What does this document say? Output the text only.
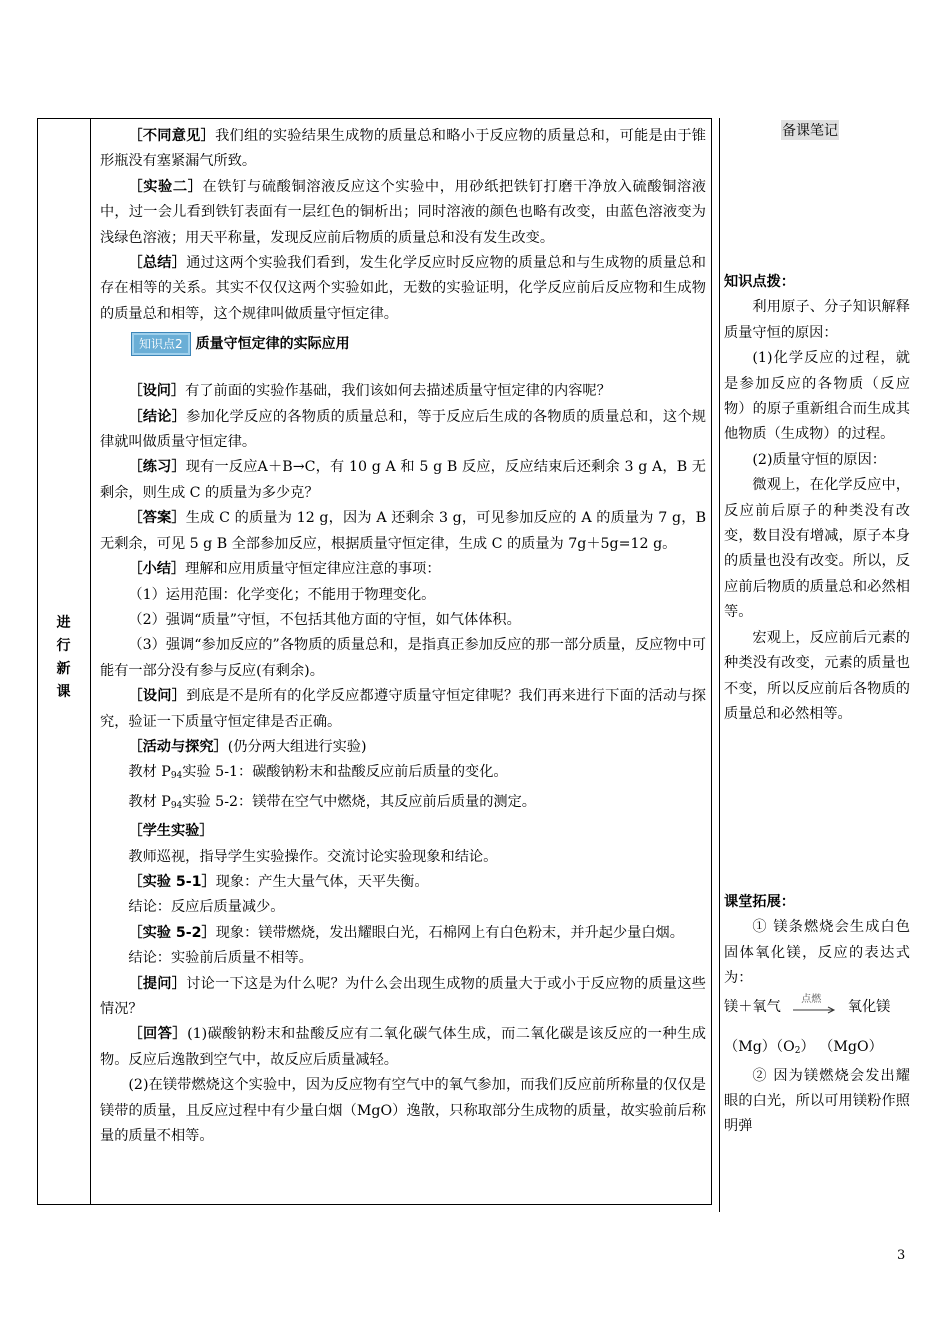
进
行
新
课

［不同意见］我们组的实验结果生成物的质量总和略小于反应物的质量总和，可能是由于锥形瓶没有塞紧漏气所致。

［实验二］在铁钉与硫酸铜溶液反应这个实验中，用砂纸把铁钉打磨干净放入硫酸铜溶液中，过一会儿看到铁钉表面有一层红色的铜析出；同时溶液的颜色也略有改变，由蓝色溶液变为浅绿色溶液；用天平称量，发现反应前后物质的质量总和没有发生改变。

［总结］通过这两个实验我们看到，发生化学反应时反应物的质量总和与生成物的质量总和存在相等的关系。其实不仅仅这两个实验如此，无数的实验证明，化学反应前后反应物和生成物的质量总和相等，这个规律叫做质量守恒定律。

知识点2 质量守恒定律的实际应用

［设问］有了前面的实验作基础，我们该如何去描述质量守恒定律的内容呢？

［结论］参加化学反应的各物质的质量总和，等于反应后生成的各物质的质量总和，这个规律就叫做质量守恒定律。

［练习］现有一反应A＋B→C，有 10 g A 和 5 g B 反应，反应结束后还剩余 3 g A，B 无剩余，则生成 C 的质量为多少克？

［答案］生成 C 的质量为 12 g，因为 A 还剩余 3 g，可见参加反应的 A 的质量为 7 g，B 无剩余，可见 5 g B 全部参加反应，根据质量守恒定律，生成 C 的质量为 7g＋5g=12 g。

［小结］理解和应用质量守恒定律应注意的事项：

（1）运用范围：化学变化；不能用于物理变化。

（2）强调“质量”守恒，不包括其他方面的守恒，如气体体积。

（3）强调“参加反应的”各物质的质量总和，是指真正参加反应的那一部分质量，反应物中可能有一部分没有参与反应(有剩余)。

［设问］到底是不是所有的化学反应都遵守质量守恒定律呢？我们再来进行下面的活动与探究，验证一下质量守恒定律是否正确。

［活动与探究］(仍分两大组进行实验)

教材 $P_{94}$实验 5-1：碳酸钠粉末和盐酸反应前后质量的变化。

教材 $P_{94}$实验 5-2：镁带在空气中燃烧，其反应前后质量的测定。

［学生实验］

教师巡视，指导学生实验操作。交流讨论实验现象和结论。

［实验 5-1］现象：产生大量气体，天平失衡。

结论：反应后质量减少。

［实验 5-2］现象：镁带燃烧，发出耀眼白光，石棉网上有白色粉末，并升起少量白烟。

结论：实验前后质量不相等。

［提问］讨论一下这是为什么呢？为什么会出现生成物的质量大于或小于反应物的质量这些情况？

［回答］(1)碳酸钠粉末和盐酸反应有二氧化碳气体生成，而二氧化碳是该反应的一种生成物。反应后逸散到空气中，故反应后质量减轻。

(2)在镁带燃烧这个实验中，因为反应物有空气中的氧气参加，而我们反应前所称量的仅仅是镁带的质量，且反应过程中有少量白烟（MgO）逸散，只称取部分生成物的质量，故实验前后称量的质量不相等。

备课笔记

知识点拨：

利用原子、分子知识解释质量守恒的原因：

(1)化学反应的过程，就是参加反应的各物质（反应物）的原子重新组合而生成其他物质（生成物）的过程。

(2)质量守恒的原因：

微观上，在化学反应中，反应前后原子的种类没有改变，数目没有增减，原子本身的质量也没有改变。所以，反应前后物质的质量总和必然相等。

宏观上，反应前后元素的种类没有改变，元素的质量也不变，所以反应前后各物质的质量总和必然相等。

课堂拓展：

① 镁条燃烧会生成白色固体氧化镁，反应的表达式为：

镁＋氧气 点燃 氧化镁
$(Mg)(O_2)$ （MgO）

② 因为镁燃烧会发出耀眼的白光，所以可用镁粉作照明弹

3
